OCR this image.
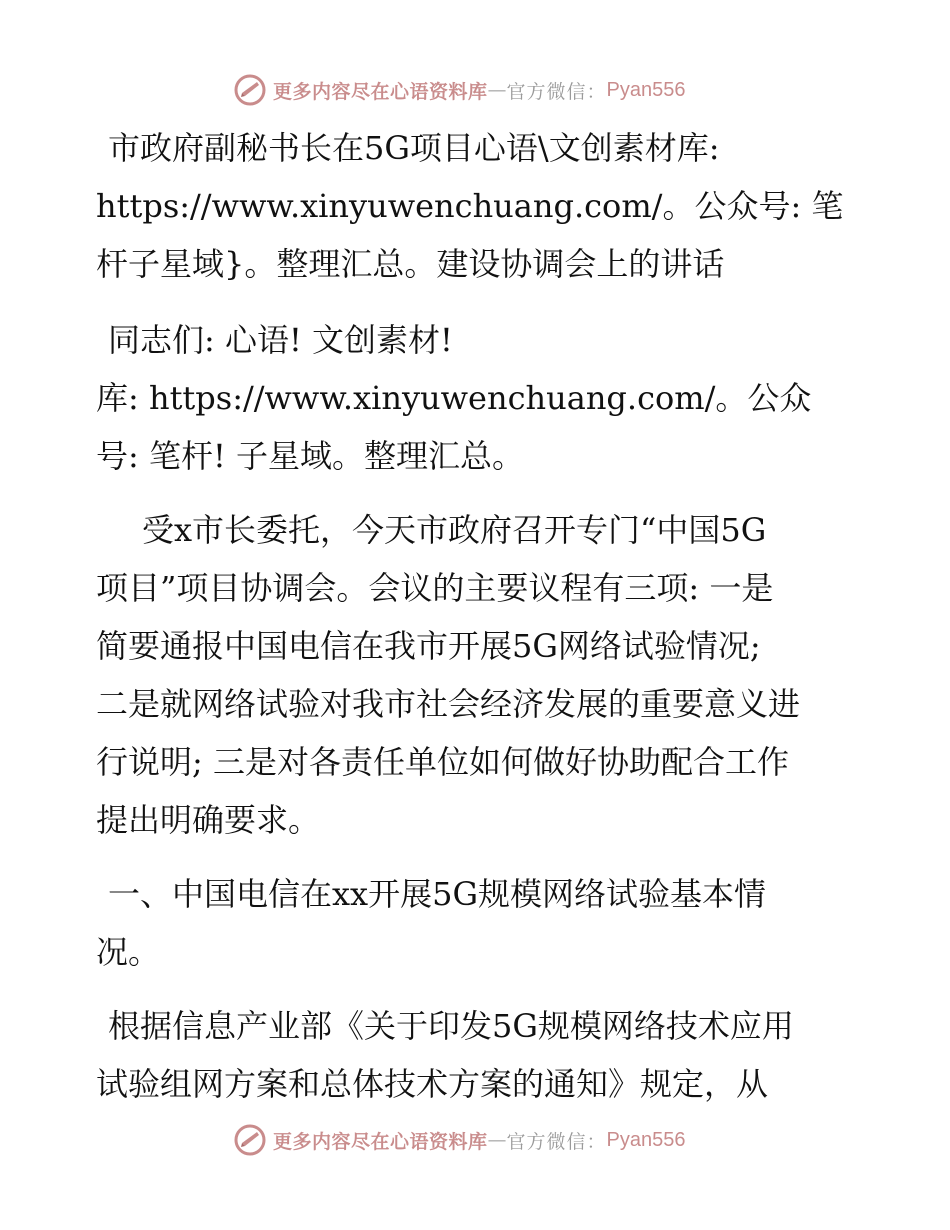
更多内容尽在心语资料库 — 官方微信： Pyan556
市政府副秘书长在5G项目心语\文创素材库:
https://www.xinyuwenchuang.com/。公众号: 笔
杆子星域}。整理汇总。建设协调会上的讲话
同志们: 心语! 文创素材!
库: https://www.xinyuwenchuang.com/。公众
号: 笔杆! 子星域。整理汇总。
受x市长委托，今天市政府召开专门“中国5G
项目”项目协调会。会议的主要议程有三项: 一是
简要通报中国电信在我市开展5G网络试验情况;
二是就网络试验对我市社会经济发展的重要意义进
行说明; 三是对各责任单位如何做好协助配合工作
提出明确要求。
一、中国电信在xx开展5G规模网络试验基本情
况。
根据信息产业部《关于印发5G规模网络技术应用
试验组网方案和总体技术方案的通知》规定，从
更多内容尽在心语资料库 — 官方微信： Pyan556
